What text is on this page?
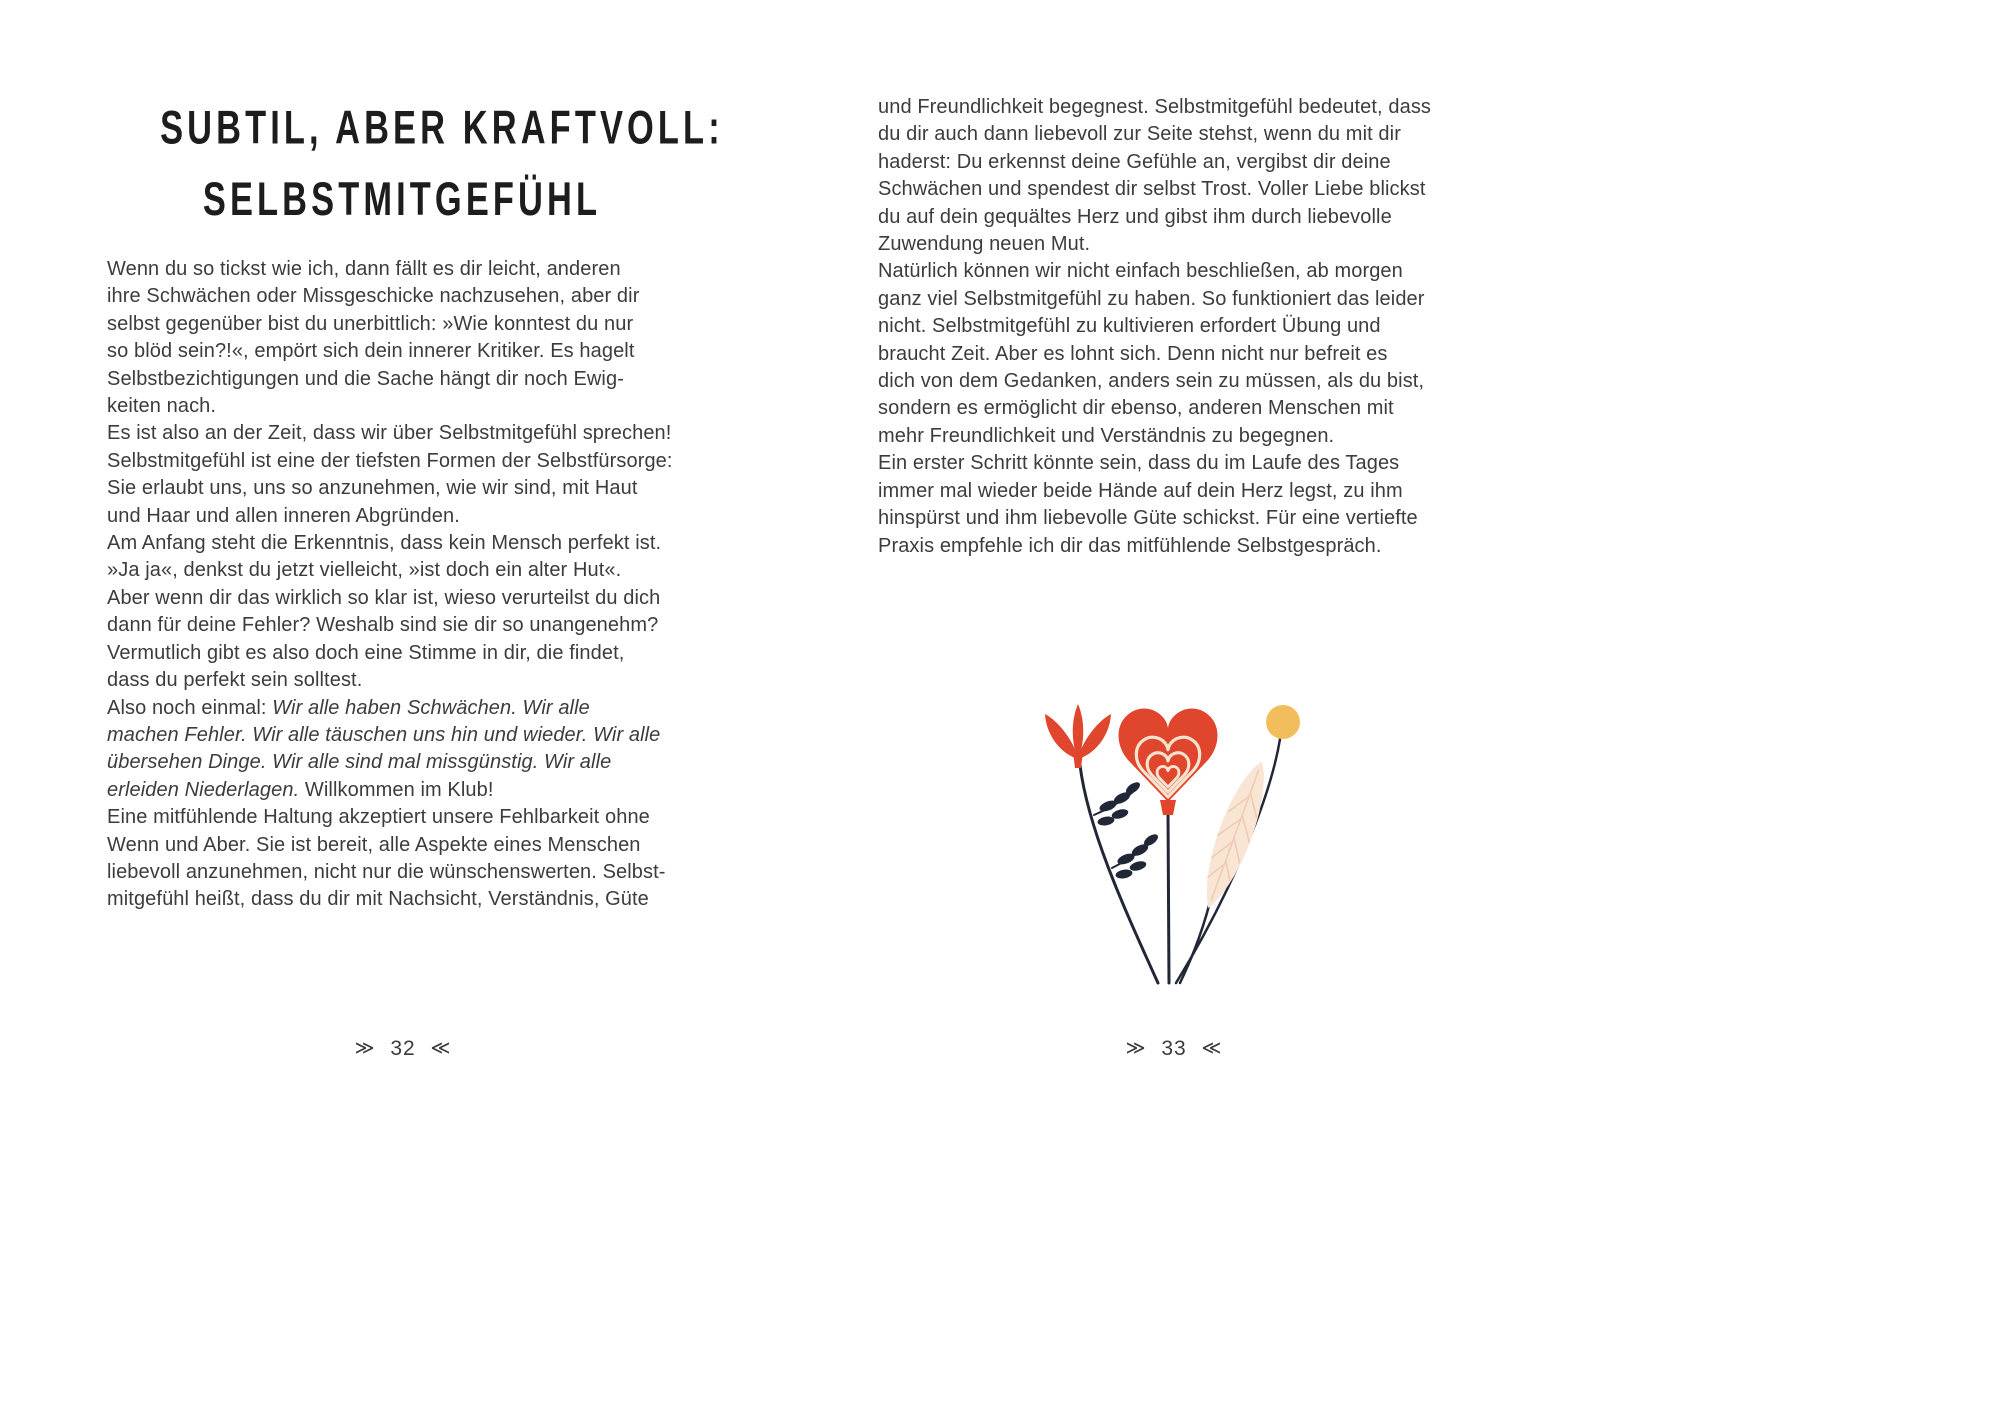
SUBTIL, ABER KRAFTVOLL:
SELBSTMITGEFÜHL
Wenn du so tickst wie ich, dann fällt es dir leicht, anderen
ihre Schwächen oder Missgeschicke nachzusehen, aber dir
selbst gegenüber bist du unerbittlich: »Wie konntest du nur
so blöd sein?!«, empört sich dein innerer Kritiker. Es hagelt
Selbstbezichtigungen und die Sache hängt dir noch Ewig-
keiten nach.
Es ist also an der Zeit, dass wir über Selbstmitgefühl sprechen!
Selbstmitgefühl ist eine der tiefsten Formen der Selbstfürsorge:
Sie erlaubt uns, uns so anzunehmen, wie wir sind, mit Haut
und Haar und allen inneren Abgründen.
Am Anfang steht die Erkenntnis, dass kein Mensch perfekt ist.
»Ja ja«, denkst du jetzt vielleicht, »ist doch ein alter Hut«.
Aber wenn dir das wirklich so klar ist, wieso verurteilst du dich
dann für deine Fehler? Weshalb sind sie dir so unangenehm?
Vermutlich gibt es also doch eine Stimme in dir, die findet,
dass du perfekt sein solltest.
Also noch einmal: Wir alle haben Schwächen. Wir alle
machen Fehler. Wir alle täuschen uns hin und wieder. Wir alle
übersehen Dinge. Wir alle sind mal missgünstig. Wir alle
erleiden Niederlagen. Willkommen im Klub!
Eine mitfühlende Haltung akzeptiert unsere Fehlbarkeit ohne
Wenn und Aber. Sie ist bereit, alle Aspekte eines Menschen
liebevoll anzunehmen, nicht nur die wünschenswerten. Selbst-
mitgefühl heißt, dass du dir mit Nachsicht, Verständnis, Güte
≫ 32 ≪
und Freundlichkeit begegnest. Selbstmitgefühl bedeutet, dass
du dir auch dann liebevoll zur Seite stehst, wenn du mit dir
haderst: Du erkennst deine Gefühle an, vergibst dir deine
Schwächen und spendest dir selbst Trost. Voller Liebe blickst
du auf dein gequältes Herz und gibst ihm durch liebevolle
Zuwendung neuen Mut.
Natürlich können wir nicht einfach beschließen, ab morgen
ganz viel Selbstmitgefühl zu haben. So funktioniert das leider
nicht. Selbstmitgefühl zu kultivieren erfordert Übung und
braucht Zeit. Aber es lohnt sich. Denn nicht nur befreit es
dich von dem Gedanken, anders sein zu müssen, als du bist,
sondern es ermöglicht dir ebenso, anderen Menschen mit
mehr Freundlichkeit und Verständnis zu begegnen.
Ein erster Schritt könnte sein, dass du im Laufe des Tages
immer mal wieder beide Hände auf dein Herz legst, zu ihm
hinspürst und ihm liebevolle Güte schickst. Für eine vertiefte
Praxis empfehle ich dir das mitfühlende Selbstgespräch.
≫ 33 ≪
